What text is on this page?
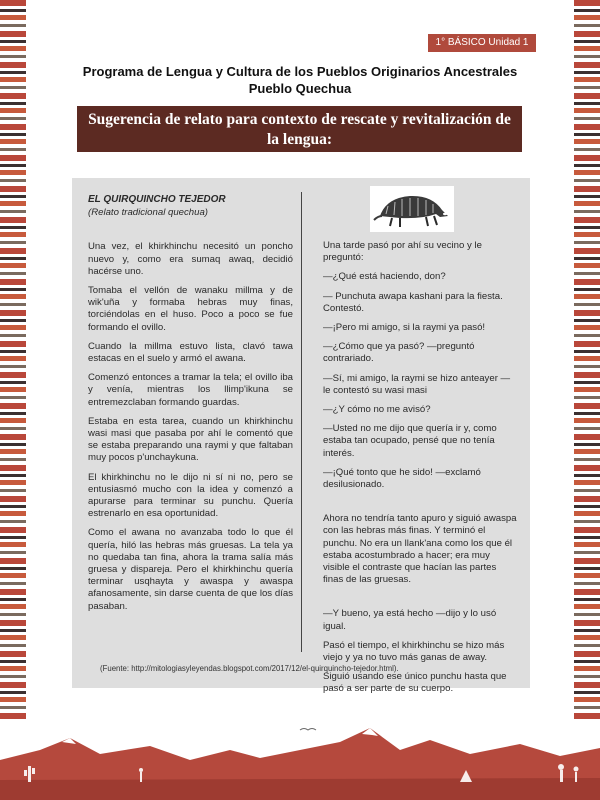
1° BÁSICO Unidad 1
Programa de Lengua y Cultura de los Pueblos Originarios Ancestrales
Pueblo Quechua
Sugerencia de relato para contexto de rescate y revitalización de
la lengua:

EL QUIRQUINCHO TEJEDOR

(Relato tradicional quechua)

Una vez, el khirkhinchu necesitó un poncho nuevo y, como era sumaq awaq, decidió hacérse uno.

Tomaba el vellón de wanaku millma y de wik'uña y formaba hebras muy finas, torciéndolas en el huso. Poco a poco se fue formando el ovillo.

Cuando la millma estuvo lista, clavó tawa estacas en el suelo y armó el awana.

Comenzó entonces a tramar la tela; el ovillo iba y venía, mientras los llimp'ikuna se entremezclaban formando guardas.

Estaba en esta tarea, cuando un khirkhinchu wasi masi que pasaba por ahí le comentó que se estaba preparando una raymi y que faltaban muy pocos p'unchaykuna.

El khirkhinchu no le dijo ni sí ni no, pero se entusiasmó mucho con la idea y comenzó a apurarse para terminar su punchu. Quería estrenarlo en esa oportunidad.

Como el awana no avanzaba todo lo que él quería, hiló las hebras más gruesas. La tela ya no quedaba tan fina, ahora la trama salía más gruesa y dispareja. Pero el khirkhinchu quería terminar usqhayta y awaspa y awaspa afanosamente, sin darse cuenta de que los días pasaban.

Una tarde pasó por ahí su vecino y le preguntó:

—¿Qué está haciendo, don?

— Punchuta awapa kashani para la fiesta. Contestó.

—¡Pero mi amigo, si la raymi ya pasó!

—¿Cómo que ya pasó? —preguntó contrariado.

—Sí, mi amigo, la raymi se hizo anteayer — le contestó su wasi masi

—¿Y cómo no me avisó?

—Usted no me dijo que quería ir y, como estaba tan ocupado, pensé que no tenía interés.

—¡Qué tonto que he sido! —exclamó desilusionado.

Ahora no tendría tanto apuro y siguió awaspa con las hebras más finas. Y terminó el punchu. No era un llank'ana como los que él estaba acostumbrado a hacer; era muy visible el contraste que hacían las partes finas de las gruesas.

—Y bueno, ya está hecho —dijo y lo usó igual.

Pasó el tiempo, el khirkhinchu se hizo más viejo y ya no tuvo más ganas de away.

Siguió usando ese único punchu hasta que pasó a ser parte de su cuerpo.

(Fuente: http://mitologiasyleyendas.blogspot.com/2017/12/el-quirquincho-tejedor.html).
